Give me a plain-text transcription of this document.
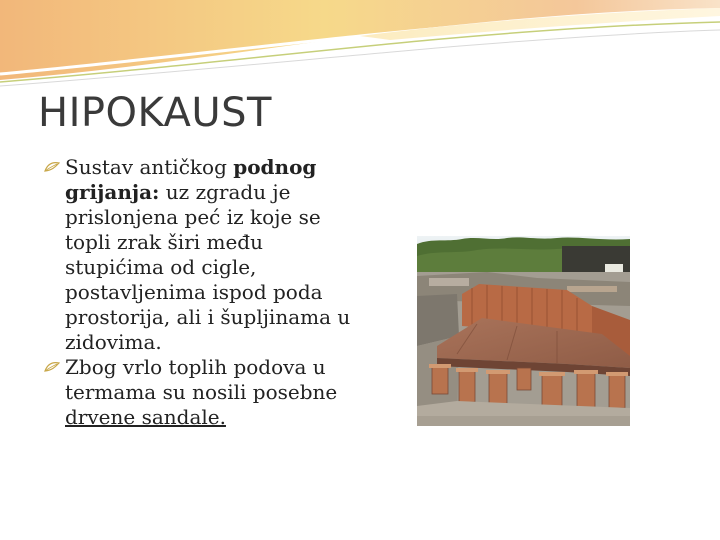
HIPOKAUST
Sustav antičkog podnog grijanja: uz zgradu je prislonjena peć iz koje se topli zrak širi među stupićima od cigle, postavljenima ispod poda prostorija, ali i šupljinama u zidovima.
Zbog vrlo toplih podova u termama su nosili posebne drvene sandale.
